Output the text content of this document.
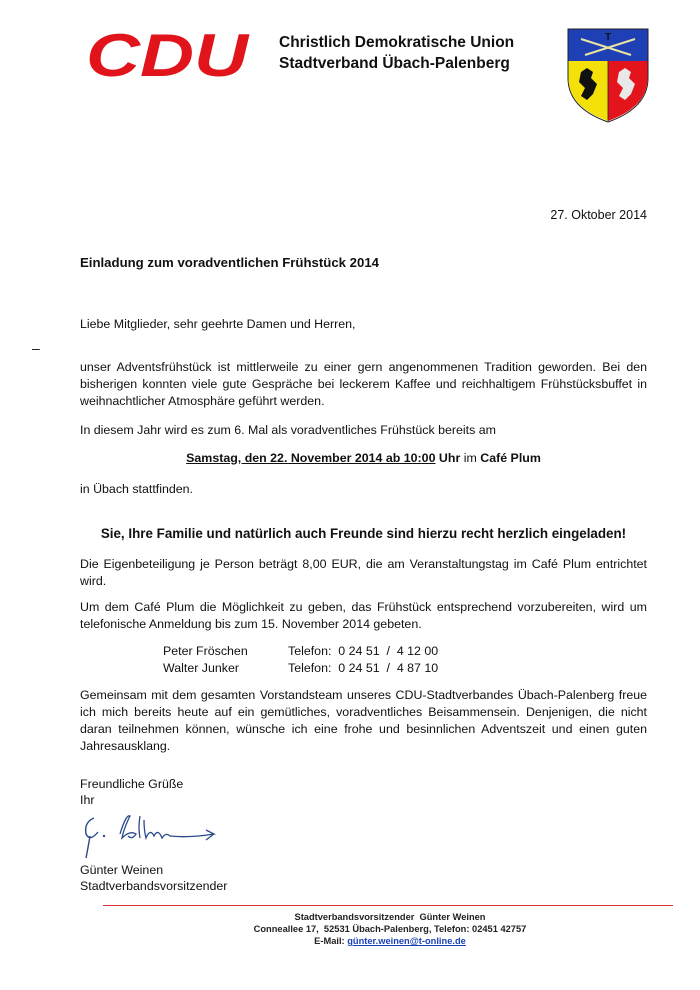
CDU Christlich Demokratische Union
Stadtverband Übach-Palenberg
T
27. Oktober 2014
Einladung zum voradventlichen Frühstück 2014
Liebe Mitglieder, sehr geehrte Damen und Herren,
–
unser Adventsfrühstück ist mittlerweile zu einer gern angenommenen Tradition geworden. Bei den bisherigen konnten viele gute Gespräche bei leckerem Kaffee und reichhaltigem Frühstücksbuffet in weihnachtlicher Atmosphäre geführt werden.
In diesem Jahr wird es zum 6. Mal als voradventliches Frühstück bereits am
Samstag, den 22. November 2014 ab 10:00 Uhr im Café Plum
in Übach stattfinden.
Sie, Ihre Familie und natürlich auch Freunde sind hierzu recht herzlich eingeladen!
Die Eigenbeteiligung je Person beträgt 8,00 EUR, die am Veranstaltungstag im Café Plum entrichtet wird.
Um dem Café Plum die Möglichkeit zu geben, das Frühstück entsprechend vorzubereiten, wird um telefonische Anmeldung bis zum 15. November 2014 gebeten.
Peter Fröschen	Telefon:  0 24 51  /  4 12 00
Walter Junker	Telefon:  0 24 51  /  4 87 10
Gemeinsam mit dem gesamten Vorstandsteam unseres CDU-Stadtverbandes Übach-Palenberg freue ich mich bereits heute auf ein gemütliches, voradventliches Beisammensein. Denjenigen, die nicht daran teilnehmen können, wünsche ich eine frohe und besinnlichen Adventszeit und einen guten Jahresausklang.
Freundliche Grüße
Ihr
Günter Weinen
Stadtverbandsvorsitzender
Stadtverbandsvorsitzender  Günter Weinen
Conneallee 17,  52531 Übach-Palenberg, Telefon: 02451 42757
E-Mail: günter.weinen@t-online.de
